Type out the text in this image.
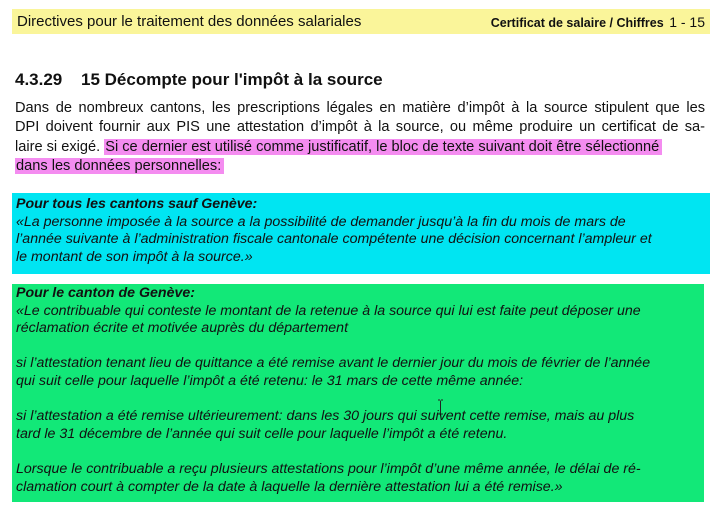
Directives pour le traitement des données salariales	Certificat de salaire / Chiffres 1 - 15
4.3.29 15 Décompte pour l'impôt à la source
Dans de nombreux cantons, les prescriptions légales en matière d’impôt à la source stipulent que les
DPI doivent fournir aux PIS une attestation d’impôt à la source, ou même produire un certificat de sa-
laire si exigé. Si ce dernier est utilisé comme justificatif, le bloc de texte suivant doit être sélectionné
dans les données personnelles:
Pour tous les cantons sauf Genève:
«La personne imposée à la source a la possibilité de demander jusqu’à la fin du mois de mars de
l’année suivante à l’administration fiscale cantonale compétente une décision concernant l’ampleur et
le montant de son impôt à la source.»
Pour le canton de Genève:
«Le contribuable qui conteste le montant de la retenue à la source qui lui est faite peut déposer une
réclamation écrite et motivée auprès du département
si l’attestation tenant lieu de quittance a été remise avant le dernier jour du mois de février de l’année
qui suit celle pour laquelle l’impôt a été retenu: le 31 mars de cette même année:
si l’attestation a été remise ultérieurement: dans les 30 jours qui suivent cette remise, mais au plus
tard le 31 décembre de l’année qui suit celle pour laquelle l’impôt a été retenu.
Lorsque le contribuable a reçu plusieurs attestations pour l’impôt d’une même année, le délai de ré-
clamation court à compter de la date à laquelle la dernière attestation lui a été remise.»
